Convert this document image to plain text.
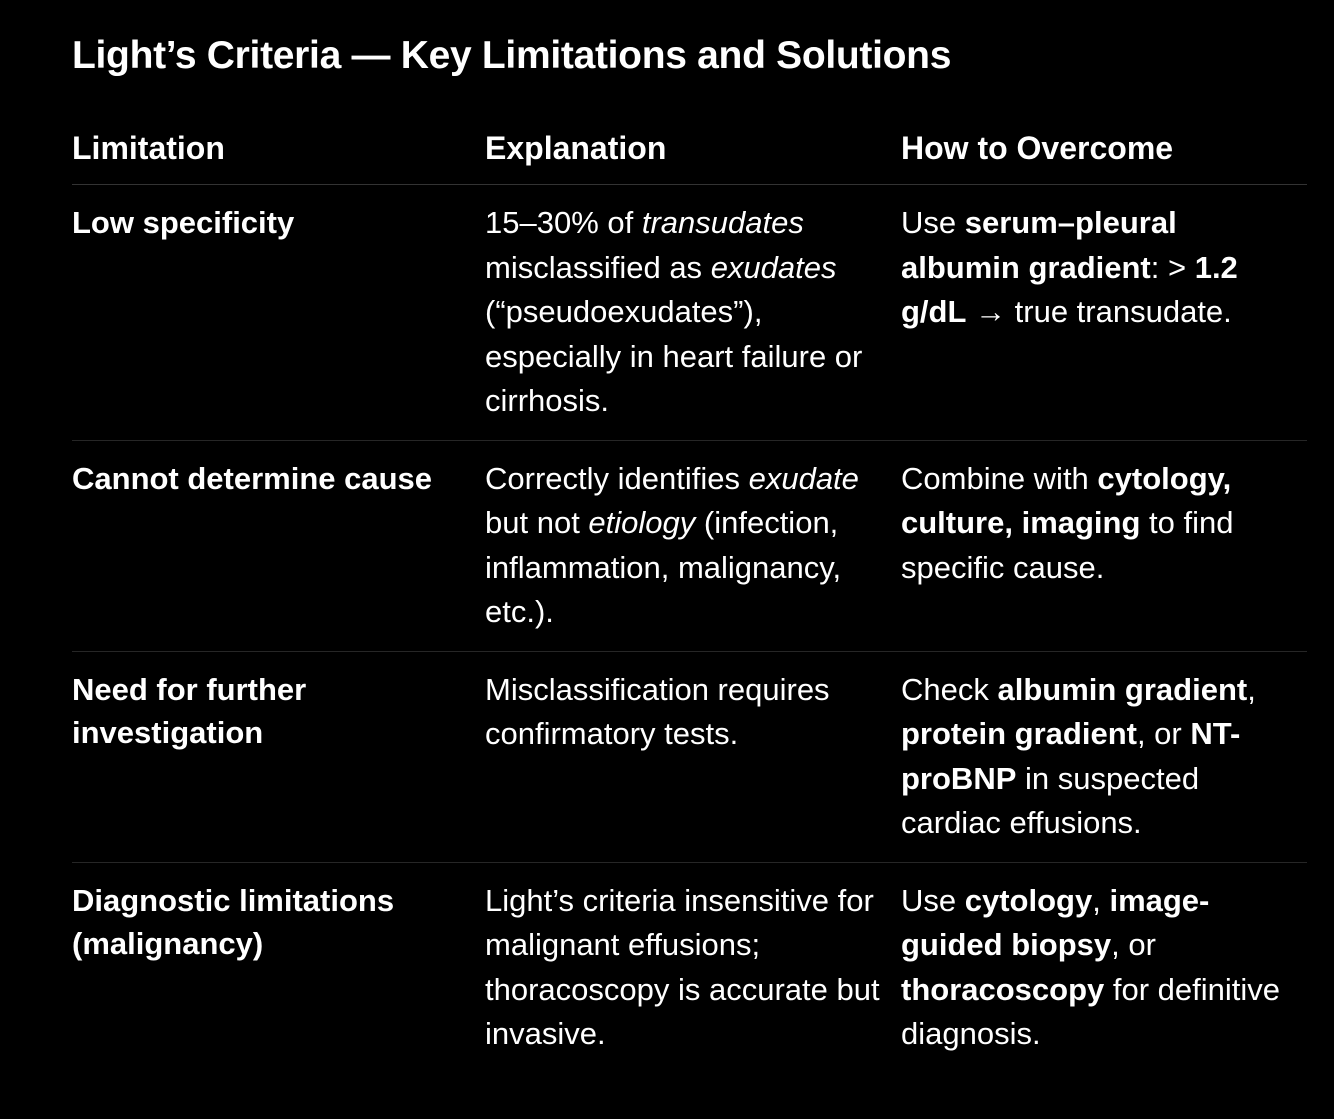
Light’s Criteria — Key Limitations and Solutions
Limitation	Explanation	How to Overcome
Low specificity	15–30% of transudates misclassified as exudates (“pseudoexudates”), especially in heart failure or cirrhosis.	Use serum–pleural albumin gradient: > 1.2 g/dL → true transudate.
Cannot determine cause	Correctly identifies exudate but not etiology (infection, inflammation, malignancy, etc.).	Combine with cytology, culture, imaging to find specific cause.
Need for further investigation	Misclassification requires confirmatory tests.	Check albumin gradient, protein gradient, or NT-proBNP in suspected cardiac effusions.
Diagnostic limitations (malignancy)	Light’s criteria insensitive for malignant effusions; thoracoscopy is accurate but invasive.	Use cytology, image-guided biopsy, or thoracoscopy for definitive diagnosis.
